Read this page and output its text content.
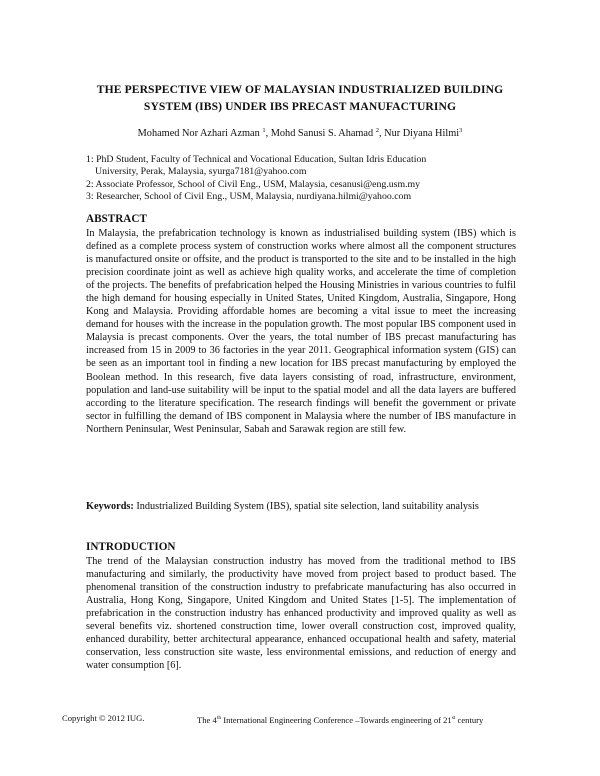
THE PERSPECTIVE VIEW OF MALAYSIAN INDUSTRIALIZED BUILDING
SYSTEM (IBS) UNDER IBS PRECAST MANUFACTURING
Mohamed Nor Azhari Azman $^1$, Mohd Sanusi S. Ahamad $^2$, Nur Diyana Hilmi$^3$

1: PhD Student, Faculty of Technical and Vocational Education, Sultan Idris Education
University, Perak, Malaysia, syurga7181@yahoo.com

2: Associate Professor, School of Civil Eng., USM, Malaysia, cesanusi@eng.usm.my

3: Researcher, School of Civil Eng., USM, Malaysia, nurdiyana.hilmi@yahoo.com

ABSTRACT

In Malaysia, the prefabrication technology is known as industrialised building system (IBS) which is defined as a complete process system of construction works where almost all the component structures is manufactured onsite or offsite, and the product is transported to the site and to be installed in the high precision coordinate joint as well as achieve high quality works, and accelerate the time of completion of the projects. The benefits of prefabrication helped the Housing Ministries in various countries to fulfil the high demand for housing especially in United States, United Kingdom, Australia, Singapore, Hong Kong and Malaysia. Providing affordable homes are becoming a vital issue to meet the increasing demand for houses with the increase in the population growth. The most popular IBS component used in Malaysia is precast components. Over the years, the total number of IBS precast manufacturing has increased from 15 in 2009 to 36 factories in the year 2011. Geographical information system (GIS) can be seen as an important tool in finding a new location for IBS precast manufacturing by employed the Boolean method. In this research, five data layers consisting of road, infrastructure, environment, population and land-use suitability will be input to the spatial model and all the data layers are buffered according to the literature specification. The research findings will benefit the government or private sector in fulfilling the demand of IBS component in Malaysia where the number of IBS manufacture in Northern Peninsular, West Peninsular, Sabah and Sarawak region are still few.

Keywords: Industrialized Building System (IBS), spatial site selection, land suitability analysis

INTRODUCTION

The trend of the Malaysian construction industry has moved from the traditional method to IBS manufacturing and similarly, the productivity have moved from project based to product based. The phenomenal transition of the construction industry to prefabricate manufacturing has also occurred in Australia, Hong Kong, Singapore, United Kingdom and United States [1-5]. The implementation of prefabrication in the construction industry has enhanced productivity and improved quality as well as several benefits viz. shortened construction time, lower overall construction cost, improved quality, enhanced durability, better architectural appearance, enhanced occupational health and safety, material conservation, less construction site waste, less environmental emissions, and reduction of energy and water consumption [6].

Copyright © 2012 IUG.	The 4th International Engineering Conference –Towards engineering of 21st century
